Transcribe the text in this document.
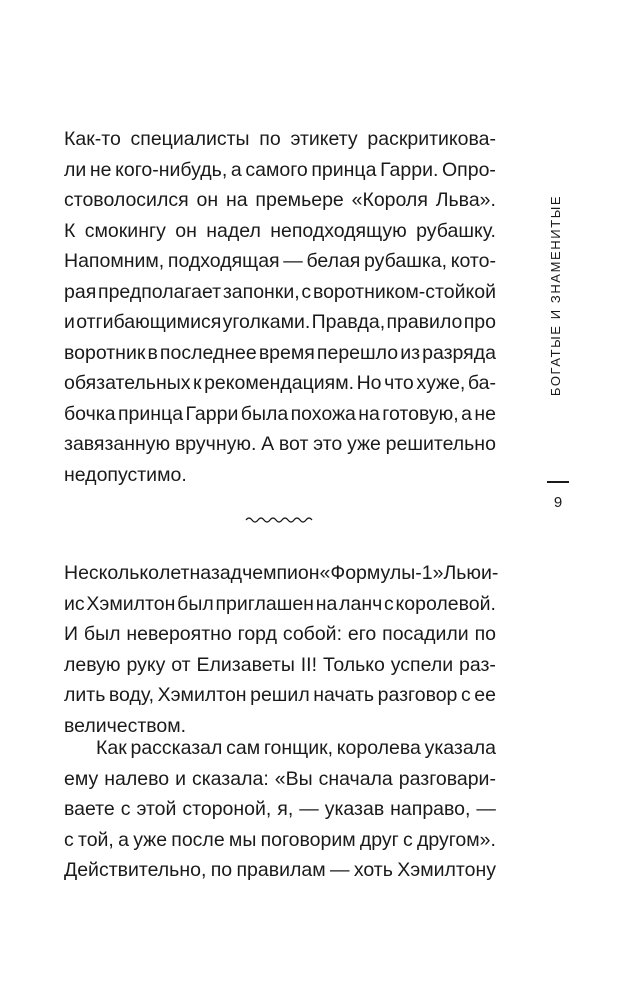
Как-то специалисты по этикету раскритикова-
ли не кого-нибудь, а самого принца Гарри. Опро-
стоволосился он на премьере «Короля Льва».
К смокингу он надел неподходящую рубашку.
Напомним, подходящая — белая рубашка, кото-
рая предполагает запонки, с воротником-стойкой
и отгибающимися уголками. Правда, правило про
воротник в последнее время перешло из разряда
обязательных к рекомендациям. Но что хуже, ба-
бочка принца Гарри была похожа на готовую, а не
завязанную вручную. А вот это уже решительно
недопустимо.
Несколько лет назад чемпион «Формулы-1» Льюи-
ис Хэмилтон был приглашен на ланч с королевой.
И был невероятно горд собой: его посадили по
левую руку от Елизаветы II! Только успели раз-
лить воду, Хэмилтон решил начать разговор с ее
величеством.
Как рассказал сам гонщик, королева указала
ему налево и сказала: «Вы сначала разговари-
ваете с этой стороной, я, — указав направо, —
с той, а уже после мы поговорим друг с другом».
Действительно, по правилам — хоть Хэмилтону
БОГАТЫЕ И ЗНАМЕНИТЫЕ
9
